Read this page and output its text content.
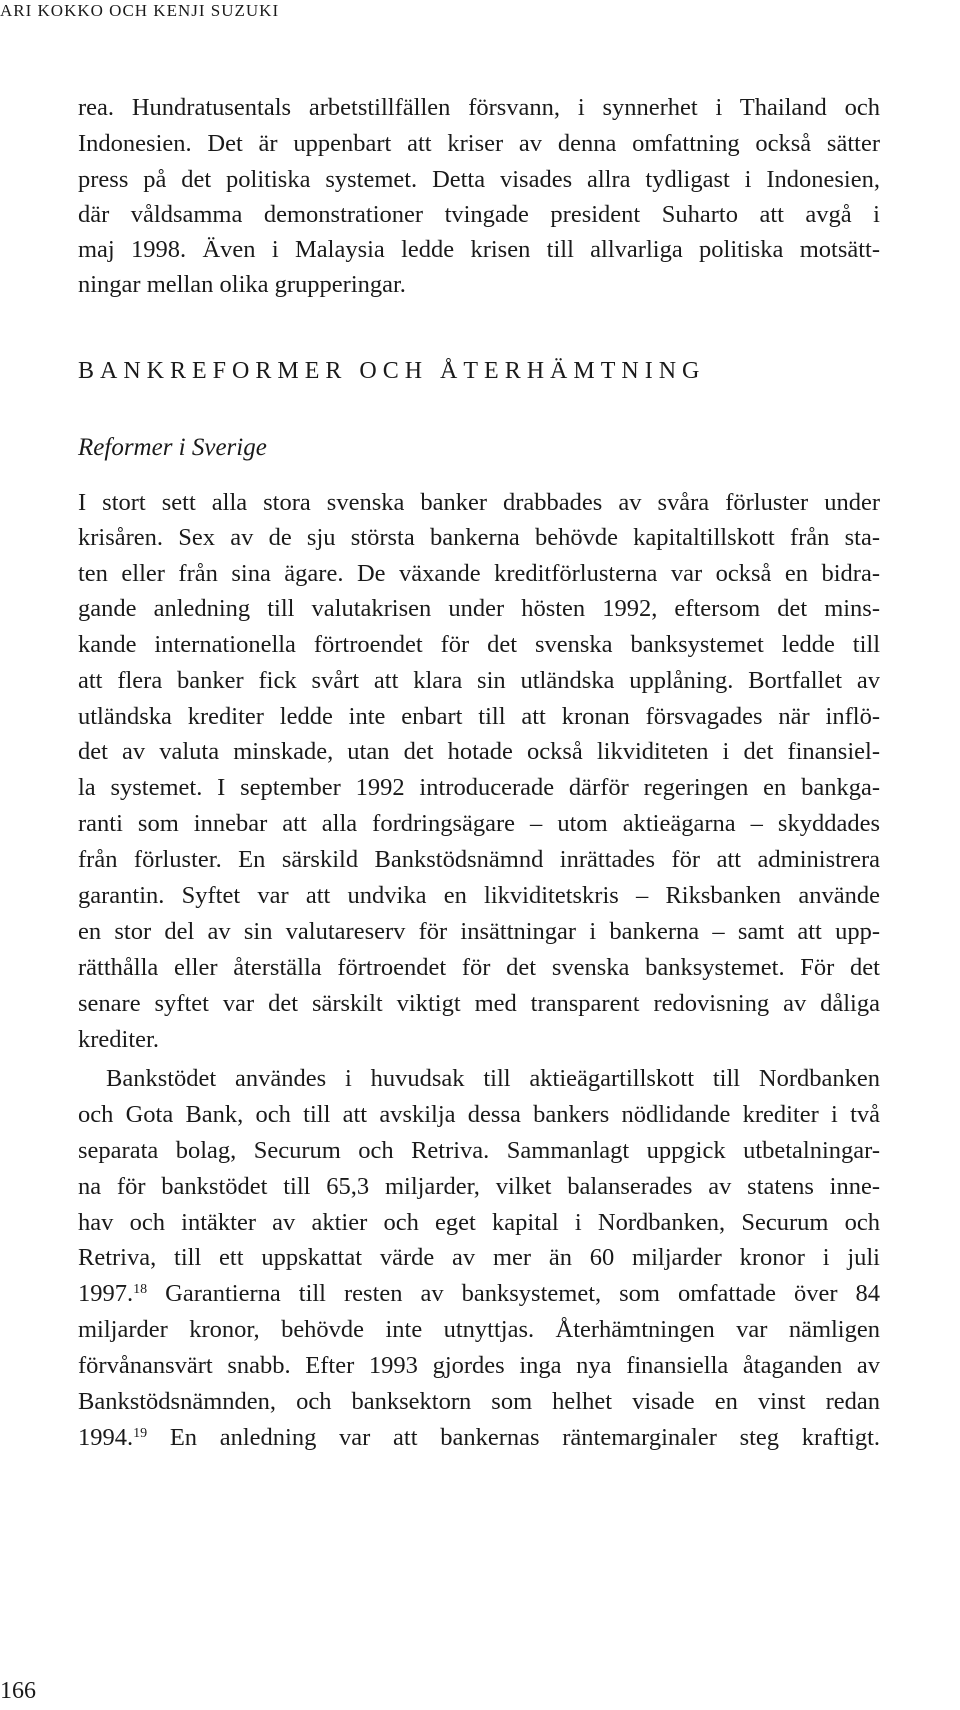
ARI KOKKO OCH KENJI SUZUKI
rea. Hundratusentals arbetstillfällen försvann, i synnerhet i Thailand och
Indonesien. Det är uppenbart att kriser av denna omfattning också sätter
press på det politiska systemet. Detta visades allra tydligast i Indonesien,
där våldsamma demonstrationer tvingade president Suharto att avgå i
maj 1998. Även i Malaysia ledde krisen till allvarliga politiska motsätt-
ningar mellan olika grupperingar.
BANKREFORMER OCH ÅTERHÄMTNING
Reformer i Sverige
I stort sett alla stora svenska banker drabbades av svåra förluster under
krisåren. Sex av de sju största bankerna behövde kapitaltillskott från sta-
ten eller från sina ägare. De växande kreditförlusterna var också en bidra-
gande anledning till valutakrisen under hösten 1992, eftersom det mins-
kande internationella förtroendet för det svenska banksystemet ledde till
att flera banker fick svårt att klara sin utländska upplåning. Bortfallet av
utländska krediter ledde inte enbart till att kronan försvagades när inflö-
det av valuta minskade, utan det hotade också likviditeten i det finansiel-
la systemet. I september 1992 introducerade därför regeringen en bankga-
ranti som innebar att alla fordringsägare – utom aktieägarna – skyddades
från förluster. En särskild Bankstödsnämnd inrättades för att administrera
garantin. Syftet var att undvika en likviditetskris – Riksbanken använde
en stor del av sin valutareserv för insättningar i bankerna – samt att upp-
rätthålla eller återställa förtroendet för det svenska banksystemet. För det
senare syftet var det särskilt viktigt med transparent redovisning av dåliga
krediter.
Bankstödet användes i huvudsak till aktieägartillskott till Nordbanken
och Gota Bank, och till att avskilja dessa bankers nödlidande krediter i två
separata bolag, Securum och Retriva. Sammanlagt uppgick utbetalningar-
na för bankstödet till 65,3 miljarder, vilket balanserades av statens inne-
hav och intäkter av aktier och eget kapital i Nordbanken, Securum och
Retriva, till ett uppskattat värde av mer än 60 miljarder kronor i juli
1997.18 Garantierna till resten av banksystemet, som omfattade över 84
miljarder kronor, behövde inte utnyttjas. Återhämtningen var nämligen
förvånansvärt snabb. Efter 1993 gjordes inga nya finansiella åtaganden av
Bankstödsnämnden, och banksektorn som helhet visade en vinst redan
1994.19 En anledning var att bankernas räntemarginaler steg kraftigt.
166
